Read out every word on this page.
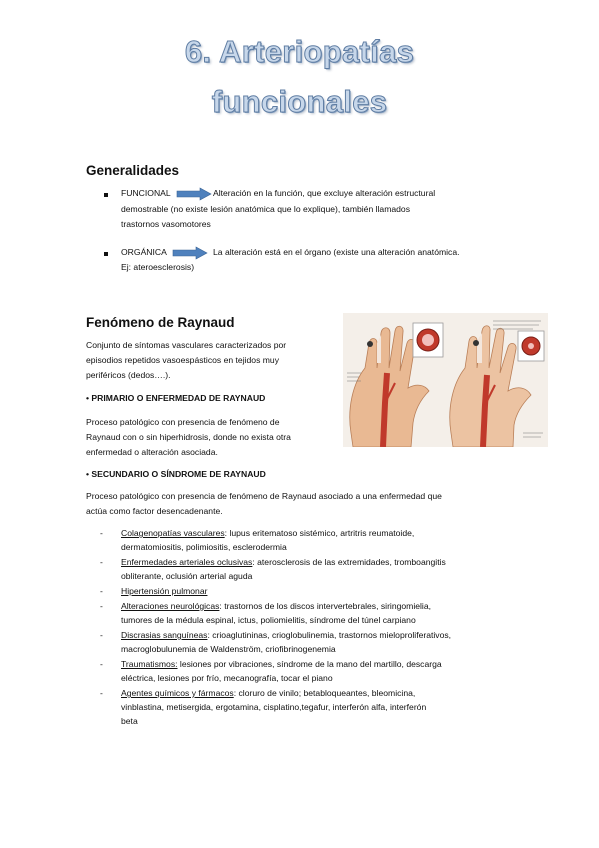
6. Arteriopatías
funcionales
Generalidades
FUNCIONAL	Alteración en la función, que excluye alteración estructural
demostrable (no existe lesión anatómica que lo explique), también llamados
trastornos vasomotores
ORGÁNICA	La alteración está en el órgano (existe una alteración anatómica.
Ej: ateroesclerosis)
Fenómeno de Raynaud
Conjunto de síntomas vasculares caracterizados por
episodios repetidos vasoespásticos en tejidos muy
periféricos (dedos….).
• PRIMARIO O ENFERMEDAD DE RAYNAUD
Proceso patológico con presencia de fenómeno de
Raynaud con o sin hiperhidrosis, donde no exista otra
enfermedad o alteración asociada.
• SECUNDARIO O SÍNDROME DE RAYNAUD
Proceso patológico con presencia de fenómeno de Raynaud asociado a una enfermedad que
actúa como factor desencadenante.
- Colagenopatías vasculares: lupus eritematoso sistémico, artritris reumatoide,
dermatomiositis, polimiositis, esclerodermia
- Enfermedades arteriales oclusivas: aterosclerosis de las extremidades, tromboangitis
obliterante, oclusión arterial aguda
- Hipertensión pulmonar
- Alteraciones neurológicas: trastornos de los discos intervertebrales, siringomielia,
tumores de la médula espinal, ictus, poliomielitis, síndrome del túnel carpiano
- Discrasias sanguíneas: crioaglutininas, crioglobulinemia, trastornos mieloproliferativos,
macroglobulunemia de Waldenström, criofibrinogenemia
- Traumatismos: lesiones por vibraciones, síndrome de la mano del martillo, descarga
eléctrica, lesiones por frío, mecanografía, tocar el piano
- Agentes químicos y fármacos: cloruro de vinilo; betabloqueantes, bleomicina,
vinblastina, metisergida, ergotamina, cisplatino,tegafur, interferón alfa, interferón
beta
